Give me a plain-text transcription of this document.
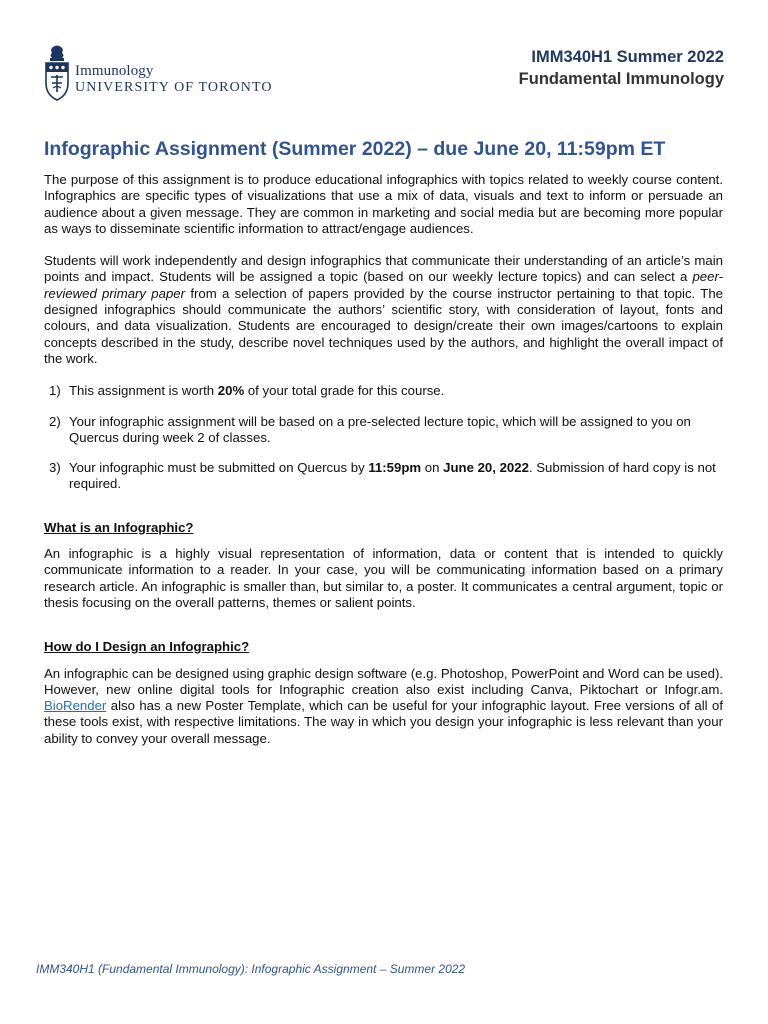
Immunology
UNIVERSITY OF TORONTO
IMM340H1 Summer 2022
Fundamental Immunology
Infographic Assignment (Summer 2022) – due June 20, 11:59pm ET

The purpose of this assignment is to produce educational infographics with topics related to weekly course content. Infographics are specific types of visualizations that use a mix of data, visuals and text to inform or persuade an audience about a given message. They are common in marketing and social media but are becoming more popular as ways to disseminate scientific information to attract/engage audiences.

Students will work independently and design infographics that communicate their understanding of an article’s main points and impact. Students will be assigned a topic (based on our weekly lecture topics) and can select a peer-reviewed primary paper from a selection of papers provided by the course instructor pertaining to that topic. The designed infographics should communicate the authors’ scientific story, with consideration of layout, fonts and colours, and data visualization. Students are encouraged to design/create their own images/cartoons to explain concepts described in the study, describe novel techniques used by the authors, and highlight the overall impact of the work.

1) This assignment is worth 20% of your total grade for this course.
2) Your infographic assignment will be based on a pre-selected lecture topic, which will be assigned to you on Quercus during week 2 of classes.
3) Your infographic must be submitted on Quercus by 11:59pm on June 20, 2022. Submission of hard copy is not required.
What is an Infographic?

An infographic is a highly visual representation of information, data or content that is intended to quickly communicate information to a reader. In your case, you will be communicating information based on a primary research article. An infographic is smaller than, but similar to, a poster. It communicates a central argument, topic or thesis focusing on the overall patterns, themes or salient points.

How do I Design an Infographic?

An infographic can be designed using graphic design software (e.g. Photoshop, PowerPoint and Word can be used). However, new online digital tools for Infographic creation also exist including Canva, Piktochart or Infogr.am. BioRender also has a new Poster Template, which can be useful for your infographic layout. Free versions of all of these tools exist, with respective limitations. The way in which you design your infographic is less relevant than your ability to convey your overall message.

IMM340H1 (Fundamental Immunology): Infographic Assignment – Summer 2022
